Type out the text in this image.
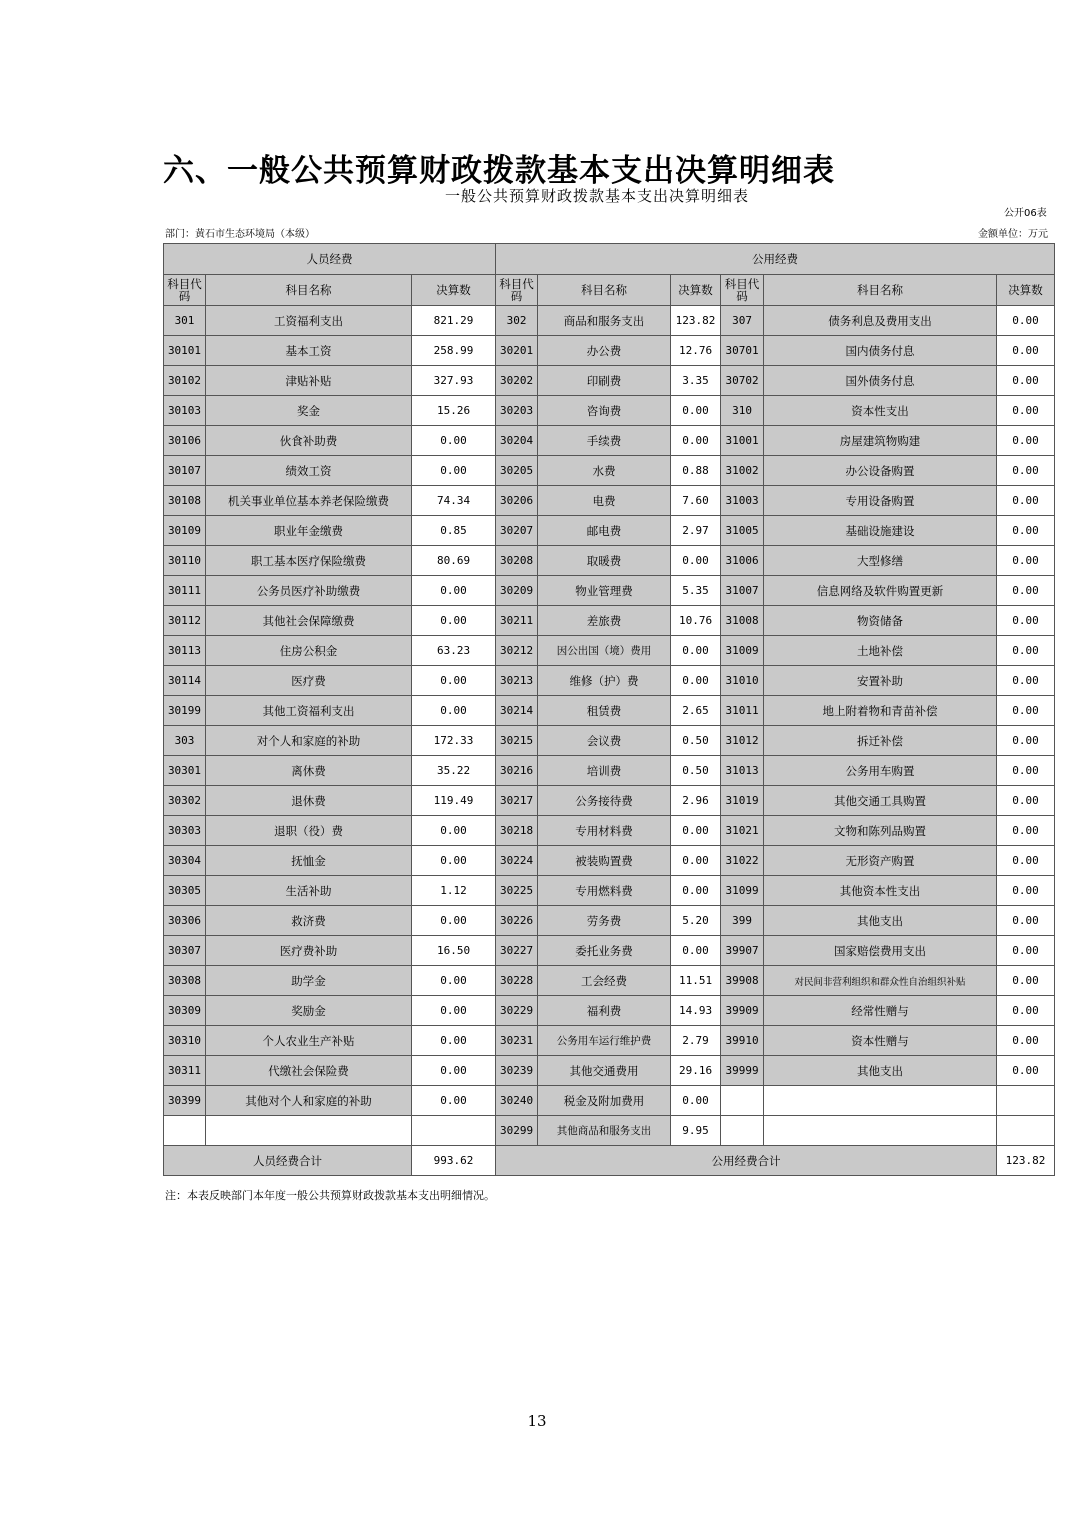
六、一般公共预算财政拨款基本支出决算明细表
一般公共预算财政拨款基本支出决算明细表
公开06表
部门：黄石市生态环境局（本级）	金额单位：万元
人员经费			公用经费					
科目代码	科目名称	决算数	科目代码	科目名称	决算数	科目代码	科目名称	决算数
301	工资福利支出	821.29	302	商品和服务支出	123.82	307	债务利息及费用支出	0.00
30101	基本工资	258.99	30201	办公费	12.76	30701	国内债务付息	0.00
30102	津贴补贴	327.93	30202	印刷费	3.35	30702	国外债务付息	0.00
30103	奖金	15.26	30203	咨询费	0.00	310	资本性支出	0.00
30106	伙食补助费	0.00	30204	手续费	0.00	31001	房屋建筑物购建	0.00
30107	绩效工资	0.00	30205	水费	0.88	31002	办公设备购置	0.00
30108	机关事业单位基本养老保险缴费	74.34	30206	电费	7.60	31003	专用设备购置	0.00
30109	职业年金缴费	0.85	30207	邮电费	2.97	31005	基础设施建设	0.00
30110	职工基本医疗保险缴费	80.69	30208	取暖费	0.00	31006	大型修缮	0.00
30111	公务员医疗补助缴费	0.00	30209	物业管理费	5.35	31007	信息网络及软件购置更新	0.00
30112	其他社会保障缴费	0.00	30211	差旅费	10.76	31008	物资储备	0.00
30113	住房公积金	63.23	30212	因公出国（境）费用	0.00	31009	土地补偿	0.00
30114	医疗费	0.00	30213	维修（护）费	0.00	31010	安置补助	0.00
30199	其他工资福利支出	0.00	30214	租赁费	2.65	31011	地上附着物和青苗补偿	0.00
303	对个人和家庭的补助	172.33	30215	会议费	0.50	31012	拆迁补偿	0.00
30301	离休费	35.22	30216	培训费	0.50	31013	公务用车购置	0.00
30302	退休费	119.49	30217	公务接待费	2.96	31019	其他交通工具购置	0.00
30303	退职（役）费	0.00	30218	专用材料费	0.00	31021	文物和陈列品购置	0.00
30304	抚恤金	0.00	30224	被装购置费	0.00	31022	无形资产购置	0.00
30305	生活补助	1.12	30225	专用燃料费	0.00	31099	其他资本性支出	0.00
30306	救济费	0.00	30226	劳务费	5.20	399	其他支出	0.00
30307	医疗费补助	16.50	30227	委托业务费	0.00	39907	国家赔偿费用支出	0.00
30308	助学金	0.00	30228	工会经费	11.51	39908	对民间非营利组织和群众性自治组织补贴	0.00
30309	奖励金	0.00	30229	福利费	14.93	39909	经常性赠与	0.00
30310	个人农业生产补贴	0.00	30231	公务用车运行维护费	2.79	39910	资本性赠与	0.00
30311	代缴社会保险费	0.00	30239	其他交通费用	29.16	39999	其他支出	0.00
30399	其他对个人和家庭的补助	0.00	30240	税金及附加费用	0.00			
			30299	其他商品和服务支出	9.95			
人员经费合计		993.62	公用经费合计					123.82
注：本表反映部门本年度一般公共预算财政拨款基本支出明细情况。
13
